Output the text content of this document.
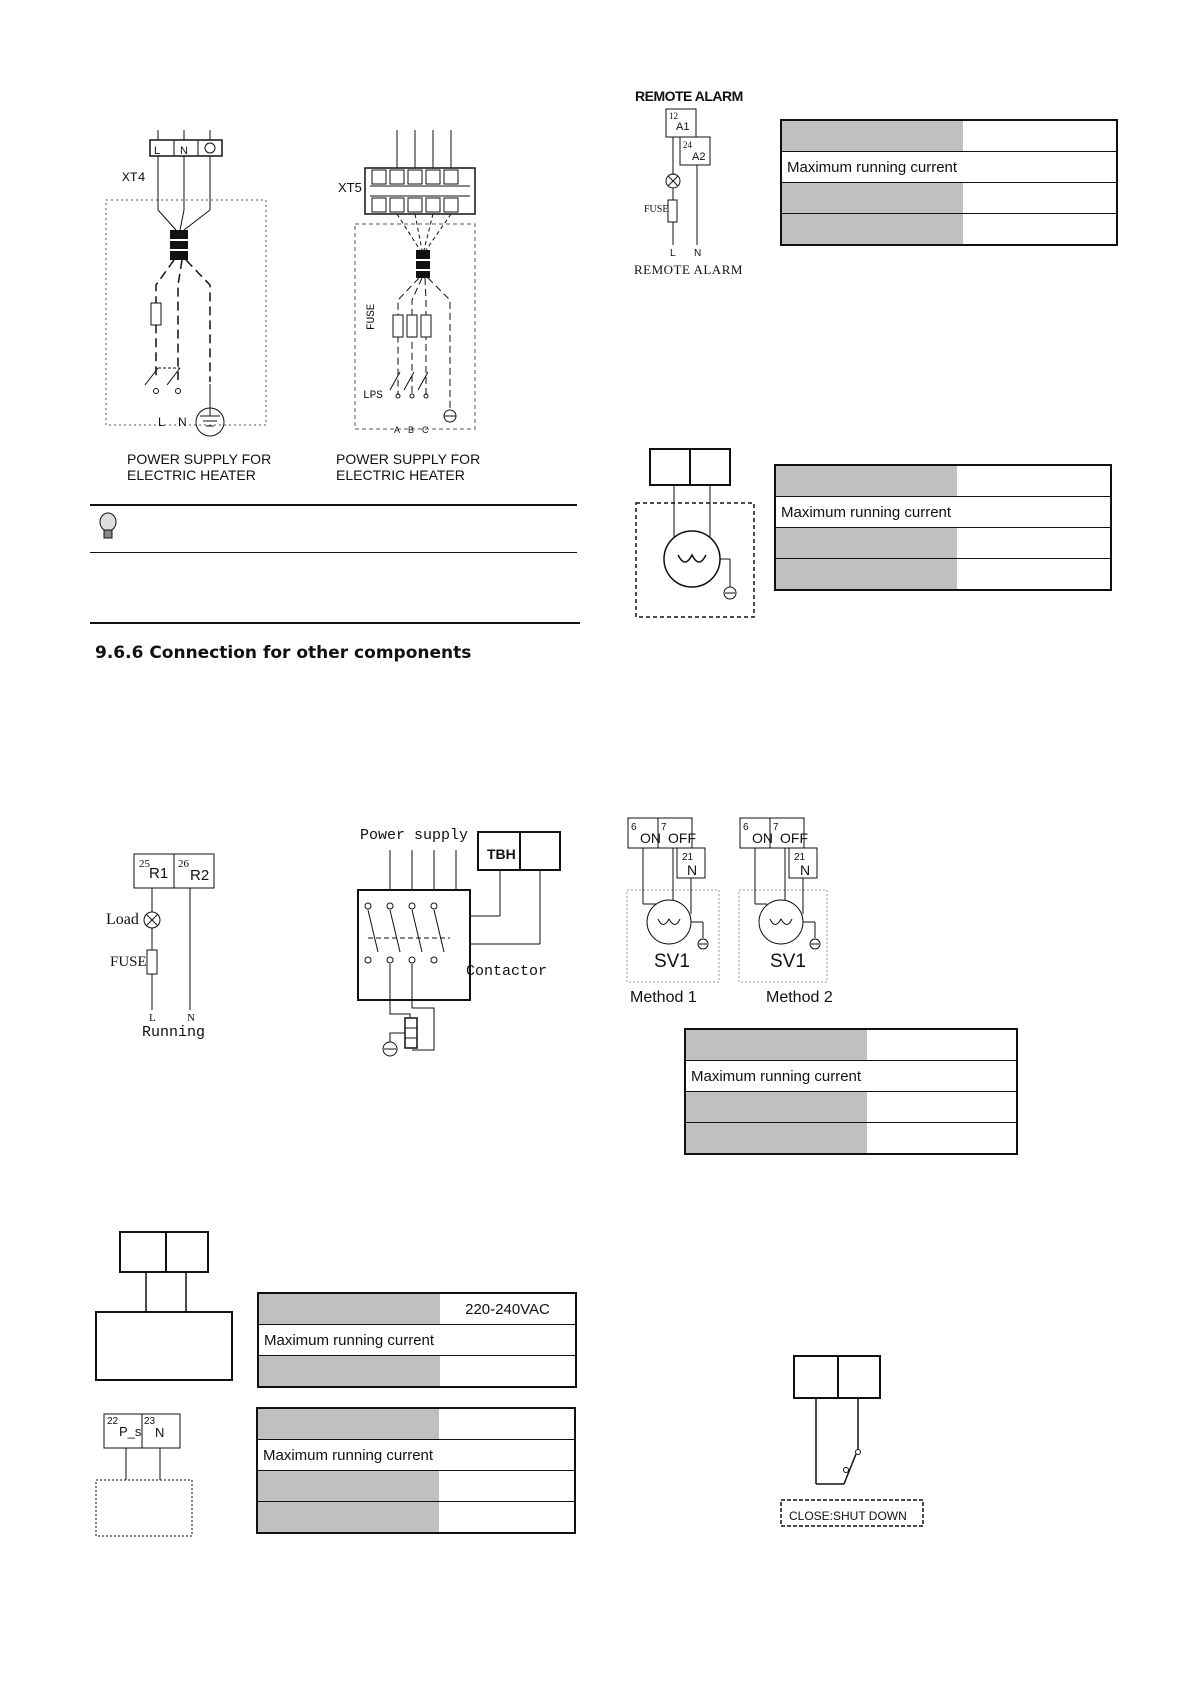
L N
XT4
L N
POWER SUPPLY FOR
ELECTRIC HEATER
XT5
FUSE
LPS
A B C
POWER SUPPLY FOR
ELECTRIC HEATER
9.6.6 Connection for other components
REMOTE ALARM
12
A1
24
A2
FUSE
L N
REMOTE ALARM

Maximum running current	

Maximum running current	

25
R1
26
R2
Load
FUSE
L	N
Running
Power supply
TBH
Contactor
6
ON
7
OFF
21
N
SV1
Method 1
6
ON
7
OFF
21
N
SV1
Method 2

Maximum running current	

	220-240VAC
Maximum running current	

22
P_s
23
N

Maximum running current	

CLOSE:SHUT DOWN
